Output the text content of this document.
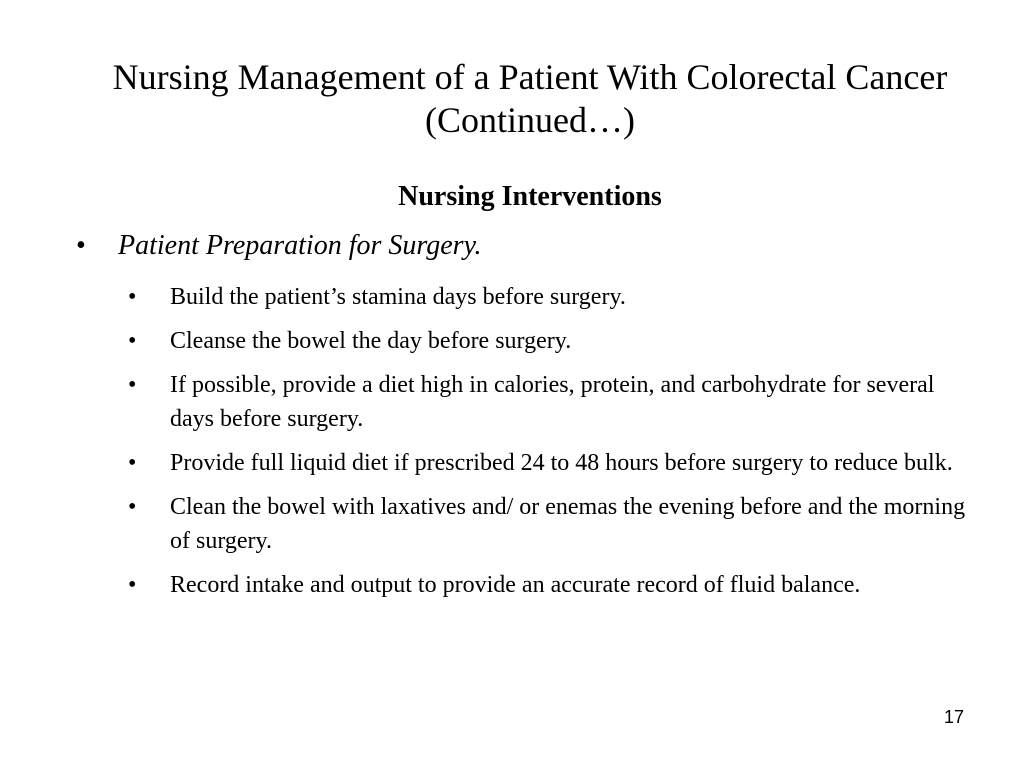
Nursing Management of a Patient With Colorectal Cancer (Continued…)
Nursing Interventions
• Patient Preparation for Surgery.
• Build the patient’s stamina days before surgery.
• Cleanse the bowel the day before surgery.
• If possible, provide a diet high in calories, protein, and carbohydrate for several days before surgery.
• Provide full liquid diet if prescribed 24 to 48 hours before surgery to reduce bulk.
• Clean the bowel with laxatives and/ or enemas the evening before and the morning of surgery.
• Record intake and output to provide an accurate record of fluid balance.
17
